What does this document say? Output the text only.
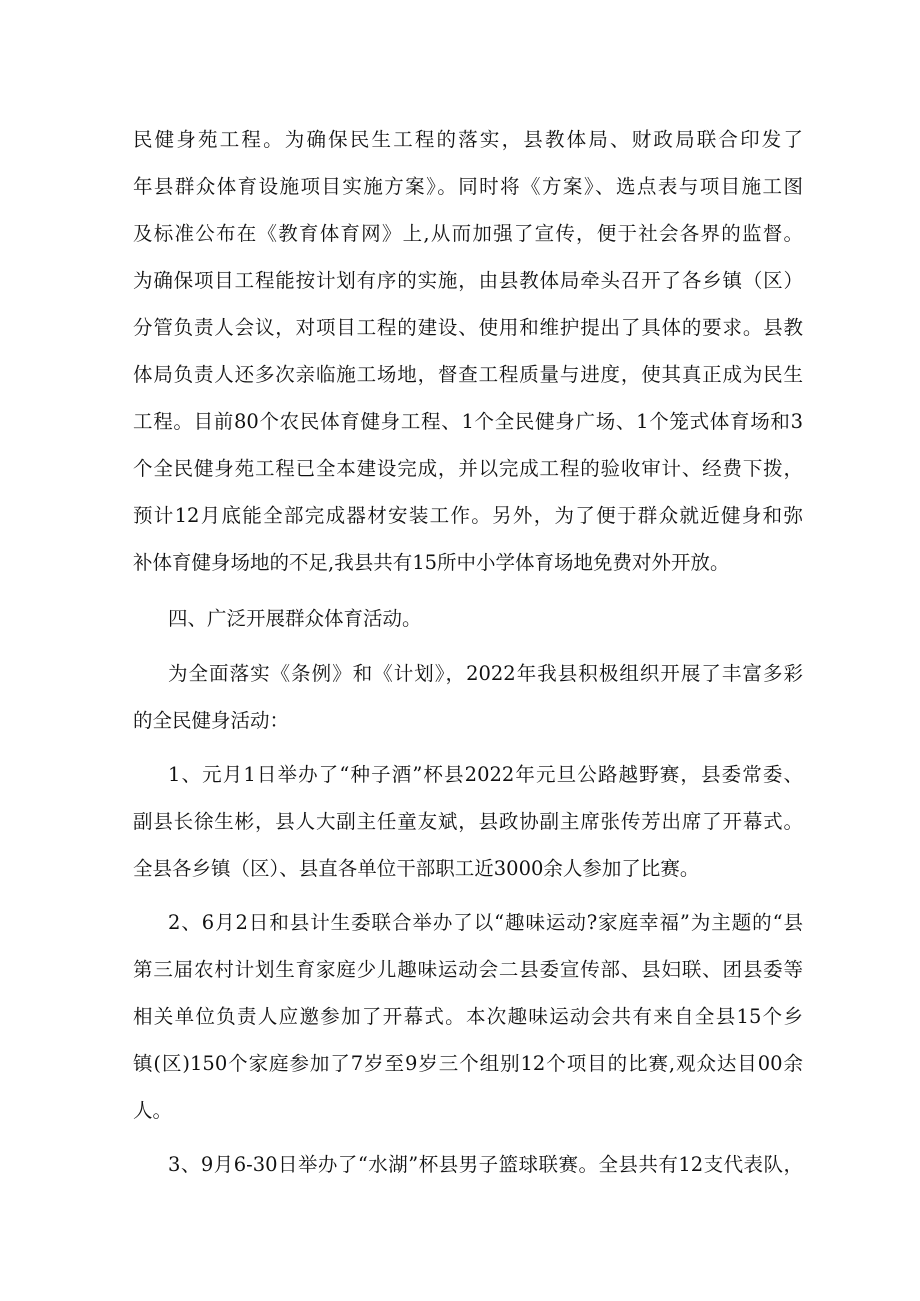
民健身苑工程。为确保民生工程的落实，县教体局、财政局联合印发了
年县群众体育设施项目实施方案》。同时将《方案》、选点表与项目施工图
及标准公布在《教育体育网》上,从而加强了宣传，便于社会各界的监督。
为确保项目工程能按计划有序的实施，由县教体局牵头召开了各乡镇（区）
分管负责人会议，对项目工程的建设、使用和维护提出了具体的要求。县教
体局负责人还多次亲临施工场地，督查工程质量与进度，使其真正成为民生
工程。目前80个农民体育健身工程、1个全民健身广场、1个笼式体育场和3
个全民健身苑工程已全本建设完成，并以完成工程的验收审计、经费下拨，
预计12月底能全部完成器材安装工作。另外，为了便于群众就近健身和弥
补体育健身场地的不足,我县共有15所中小学体育场地免费对外开放。
四、广泛开展群众体育活动。
为全面落实《条例》和《计划》，2022年我县积极组织开展了丰富多彩
的全民健身活动：
1、元月1日举办了“种子酒”杯县2022年元旦公路越野赛，县委常委、
副县长徐生彬，县人大副主任童友斌，县政协副主席张传芳出席了开幕式。
全县各乡镇（区）、县直各单位干部职工近3000余人参加了比赛。
2、6月2日和县计生委联合举办了以“趣味运动?家庭幸福”为主题的“县
第三届农村计划生育家庭少儿趣味运动会二县委宣传部、县妇联、团县委等
相关单位负责人应邀参加了开幕式。本次趣味运动会共有来自全县15个乡
镇(区)150个家庭参加了7岁至9岁三个组别12个项目的比赛,观众达目00余
人。
3、9月6-30日举办了“水湖”杯县男子篮球联赛。全县共有12支代表队，
